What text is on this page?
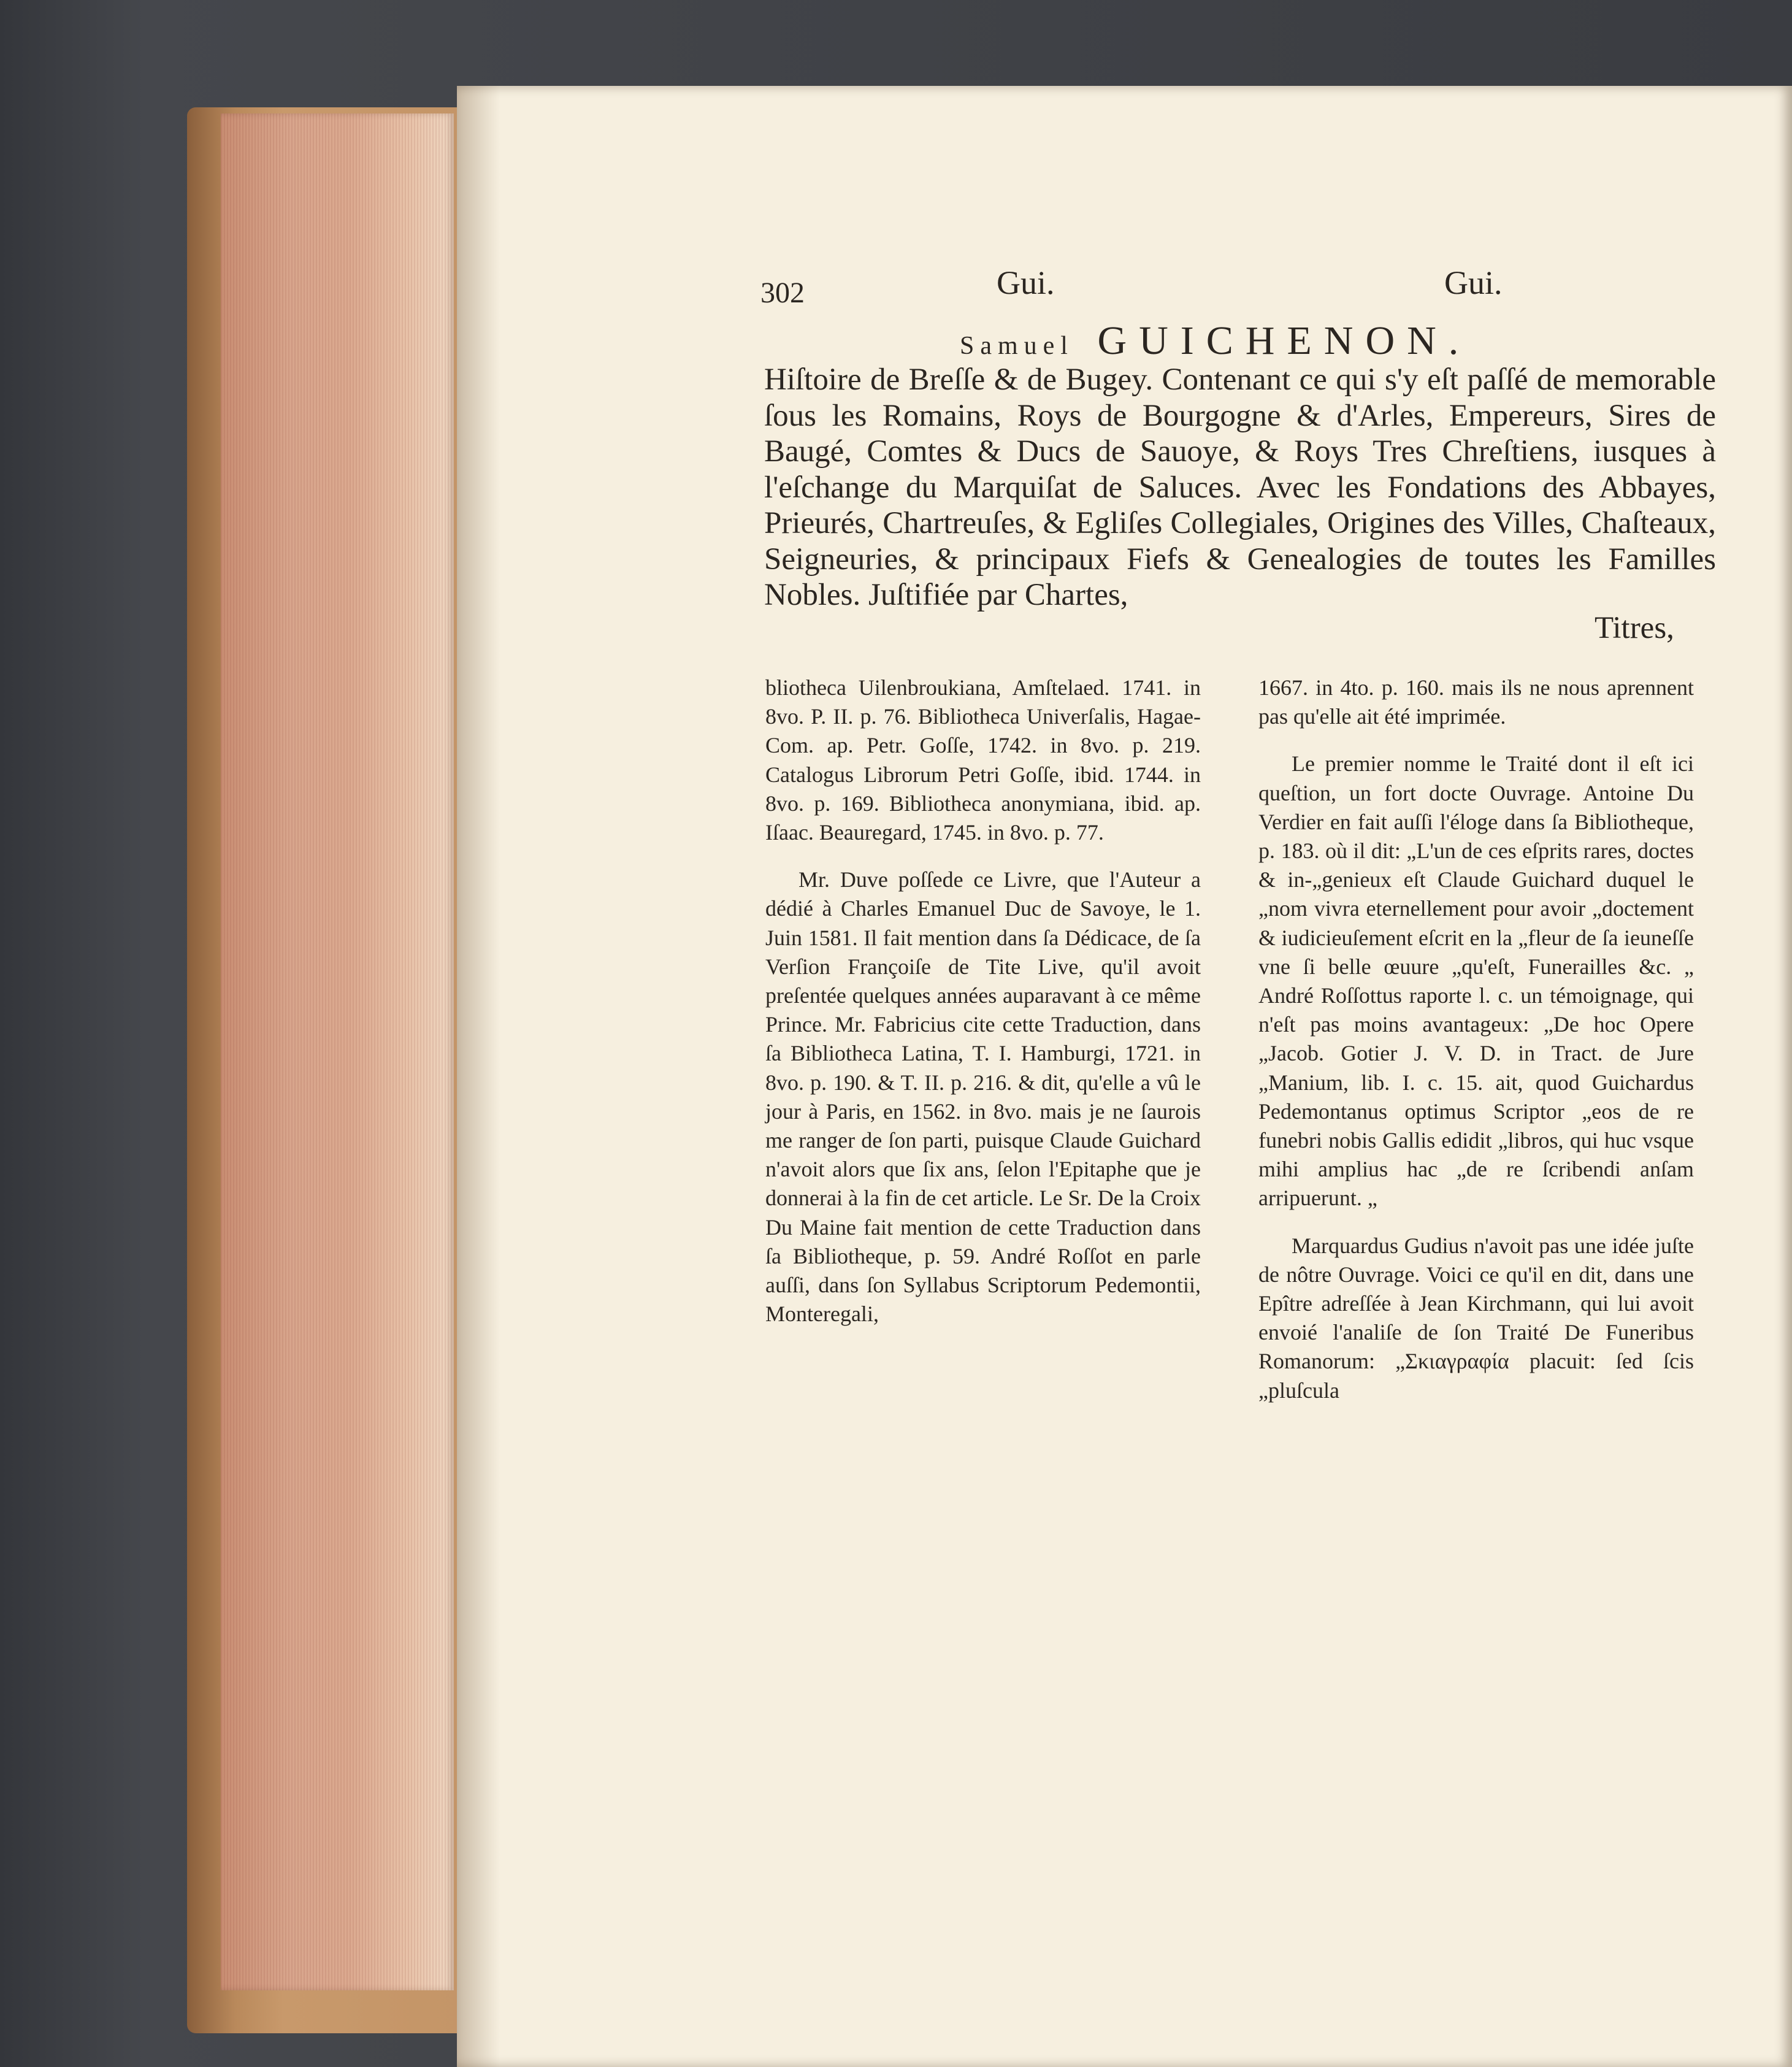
302	Gui.	Gui.
Samuel GUICHENON.
Hiſtoire de Breſſe & de Bugey. Contenant ce qui s'y eſt paſſé de memorable ſous les Romains, Roys de Bourgogne & d'Arles, Empereurs, Sires de Baugé, Comtes & Ducs de Sauoye, & Roys Tres Chreſtiens, iusques à l'eſchange du Marquiſat de Saluces. Avec les Fondations des Abbayes, Prieurés, Chartreuſes, & Egliſes Collegiales, Origines des Villes, Chaſteaux, Seigneuries, & principaux Fiefs & Genealogies de toutes les Familles Nobles. Juſtifiée par Chartes,
Titres,

bliotheca Uilenbroukiana, Amſtelaed. 1741. in 8vo. P. II. p. 76. Bibliotheca Univerſalis, Hagae-Com. ap. Petr. Goſſe, 1742. in 8vo. p. 219. Catalogus Librorum Petri Goſſe, ibid. 1744. in 8vo. p. 169. Bibliotheca anonymiana, ibid. ap. Iſaac. Beauregard, 1745. in 8vo. p. 77.

Mr. Duve poſſede ce Livre, que l'Auteur a dédié à Charles Emanuel Duc de Savoye, le 1. Juin 1581. Il fait mention dans ſa Dédicace, de ſa Verſion Françoiſe de Tite Live, qu'il avoit preſentée quelques années auparavant à ce même Prince. Mr. Fabricius cite cette Traduction, dans ſa Bibliotheca Latina, T. I. Hamburgi, 1721. in 8vo. p. 190. & T. II. p. 216. & dit, qu'elle a vû le jour à Paris, en 1562. in 8vo. mais je ne ſaurois me ranger de ſon parti, puisque Claude Guichard n'avoit alors que ſix ans, ſelon l'Epitaphe que je donnerai à la fin de cet article. Le Sr. De la Croix Du Maine fait mention de cette Traduction dans ſa Bibliotheque, p. 59. André Roſſot en parle auſſi, dans ſon Syllabus Scriptorum Pedemontii, Monteregali,

1667. in 4to. p. 160. mais ils ne nous aprennent pas qu'elle ait été imprimée.

Le premier nomme le Traité dont il eſt ici queſtion, un fort docte Ouvrage. Antoine Du Verdier en fait auſſi l'éloge dans ſa Bibliotheque, p. 183. où il dit: „L'un de ces eſprits rares, doctes & in-„genieux eſt Claude Guichard duquel le „nom vivra eternellement pour avoir „doctement & iudicieuſement eſcrit en la „fleur de ſa ieuneſſe vne ſi belle œuure „qu'eſt, Funerailles &c. „ André Roſſottus raporte l. c. un témoignage, qui n'eſt pas moins avantageux: „De hoc Opere „Jacob. Gotier J. V. D. in Tract. de Jure „Manium, lib. I. c. 15. ait, quod Guichardus Pedemontanus optimus Scriptor „eos de re funebri nobis Gallis edidit „libros, qui huc vsque mihi amplius hac „de re ſcribendi anſam arripuerunt. „

Marquardus Gudius n'avoit pas une idée juſte de nôtre Ouvrage. Voici ce qu'il en dit, dans une Epître adreſſée à Jean Kirchmann, qui lui avoit envoié l'analiſe de ſon Traité De Funeribus Romanorum: „Σκιαγραφία placuit: ſed ſcis „pluſcula
